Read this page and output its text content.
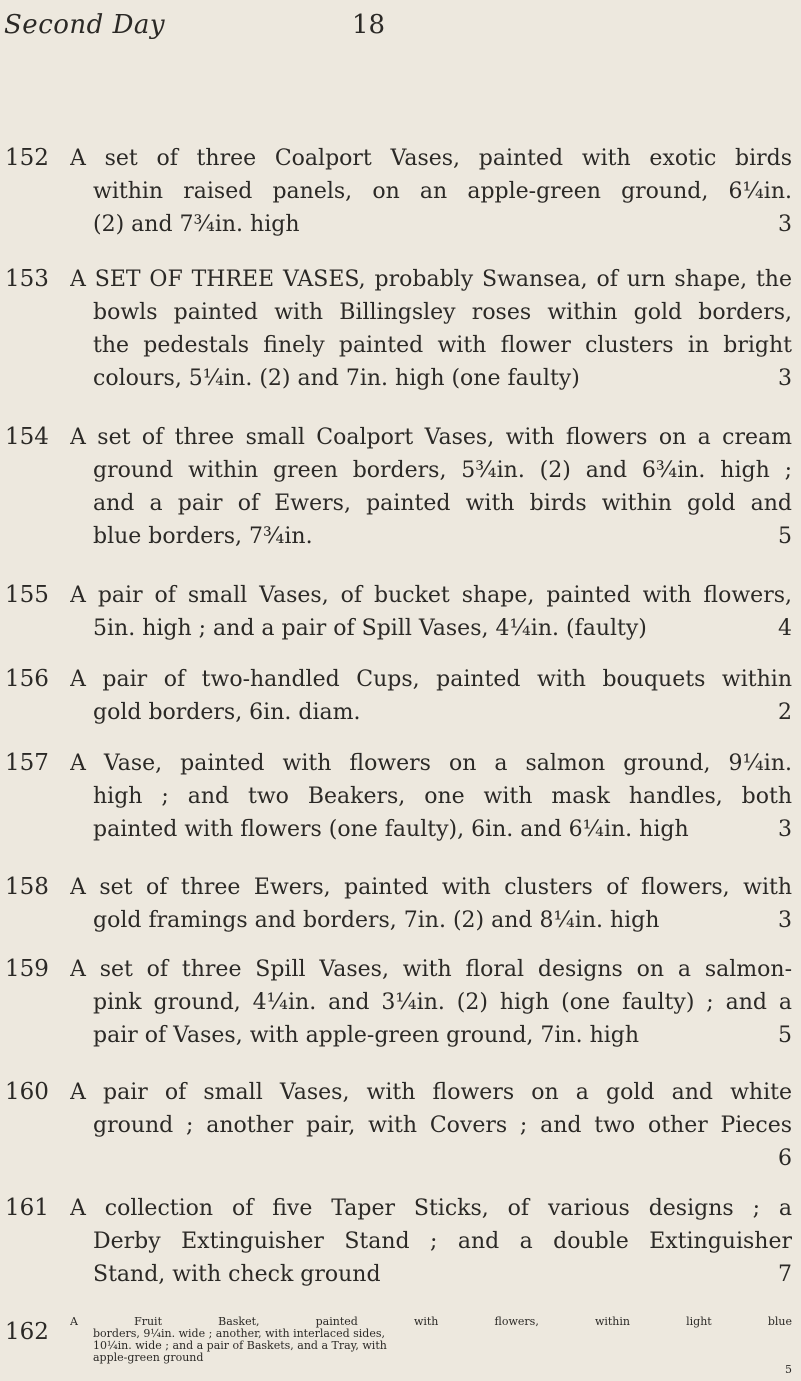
Second Day	18
152 A set of three Coalport Vases, painted with exotic birds
within raised panels, on an apple-green ground, 6¼in.
(2) and 7¾in. high	3
153 A SET OF THREE VASES, probably Swansea, of urn shape, the
bowls painted with Billingsley roses within gold borders,
the pedestals finely painted with flower clusters in bright
colours, 5¼in. (2) and 7in. high (one faulty)	3
154 A set of three small Coalport Vases, with flowers on a cream
ground within green borders, 5¾in. (2) and 6¾in. high ;
and a pair of Ewers, painted with birds within gold and
blue borders, 7¾in.	5
155 A pair of small Vases, of bucket shape, painted with flowers,
5in. high ; and a pair of Spill Vases, 4¼in. (faulty)	4
156 A pair of two-handled Cups, painted with bouquets within
gold borders, 6in. diam.	2
157 A Vase, painted with flowers on a salmon ground, 9¼in.
high ; and two Beakers, one with mask handles, both
painted with flowers (one faulty), 6in. and 6¼in. high	3
158 A set of three Ewers, painted with clusters of flowers, with
gold framings and borders, 7in. (2) and 8¼in. high	3
159 A set of three Spill Vases, with floral designs on a salmon-
pink ground, 4¼in. and 3¼in. (2) high (one faulty) ; and a
pair of Vases, with apple-green ground, 7in. high	5
160 A pair of small Vases, with flowers on a gold and white
ground ; another pair, with Covers ; and two other Pieces
6
161 A collection of five Taper Sticks, of various designs ; a
Derby Extinguisher Stand ; and a double Extinguisher
Stand, with check ground	7
162	A Fruit Basket, painted with flowers, within light blue
borders, 9¼in. wide ; another, with interlaced sides,
10¼in. wide ; and a pair of Baskets, and a Tray, with
apple-green ground
5
